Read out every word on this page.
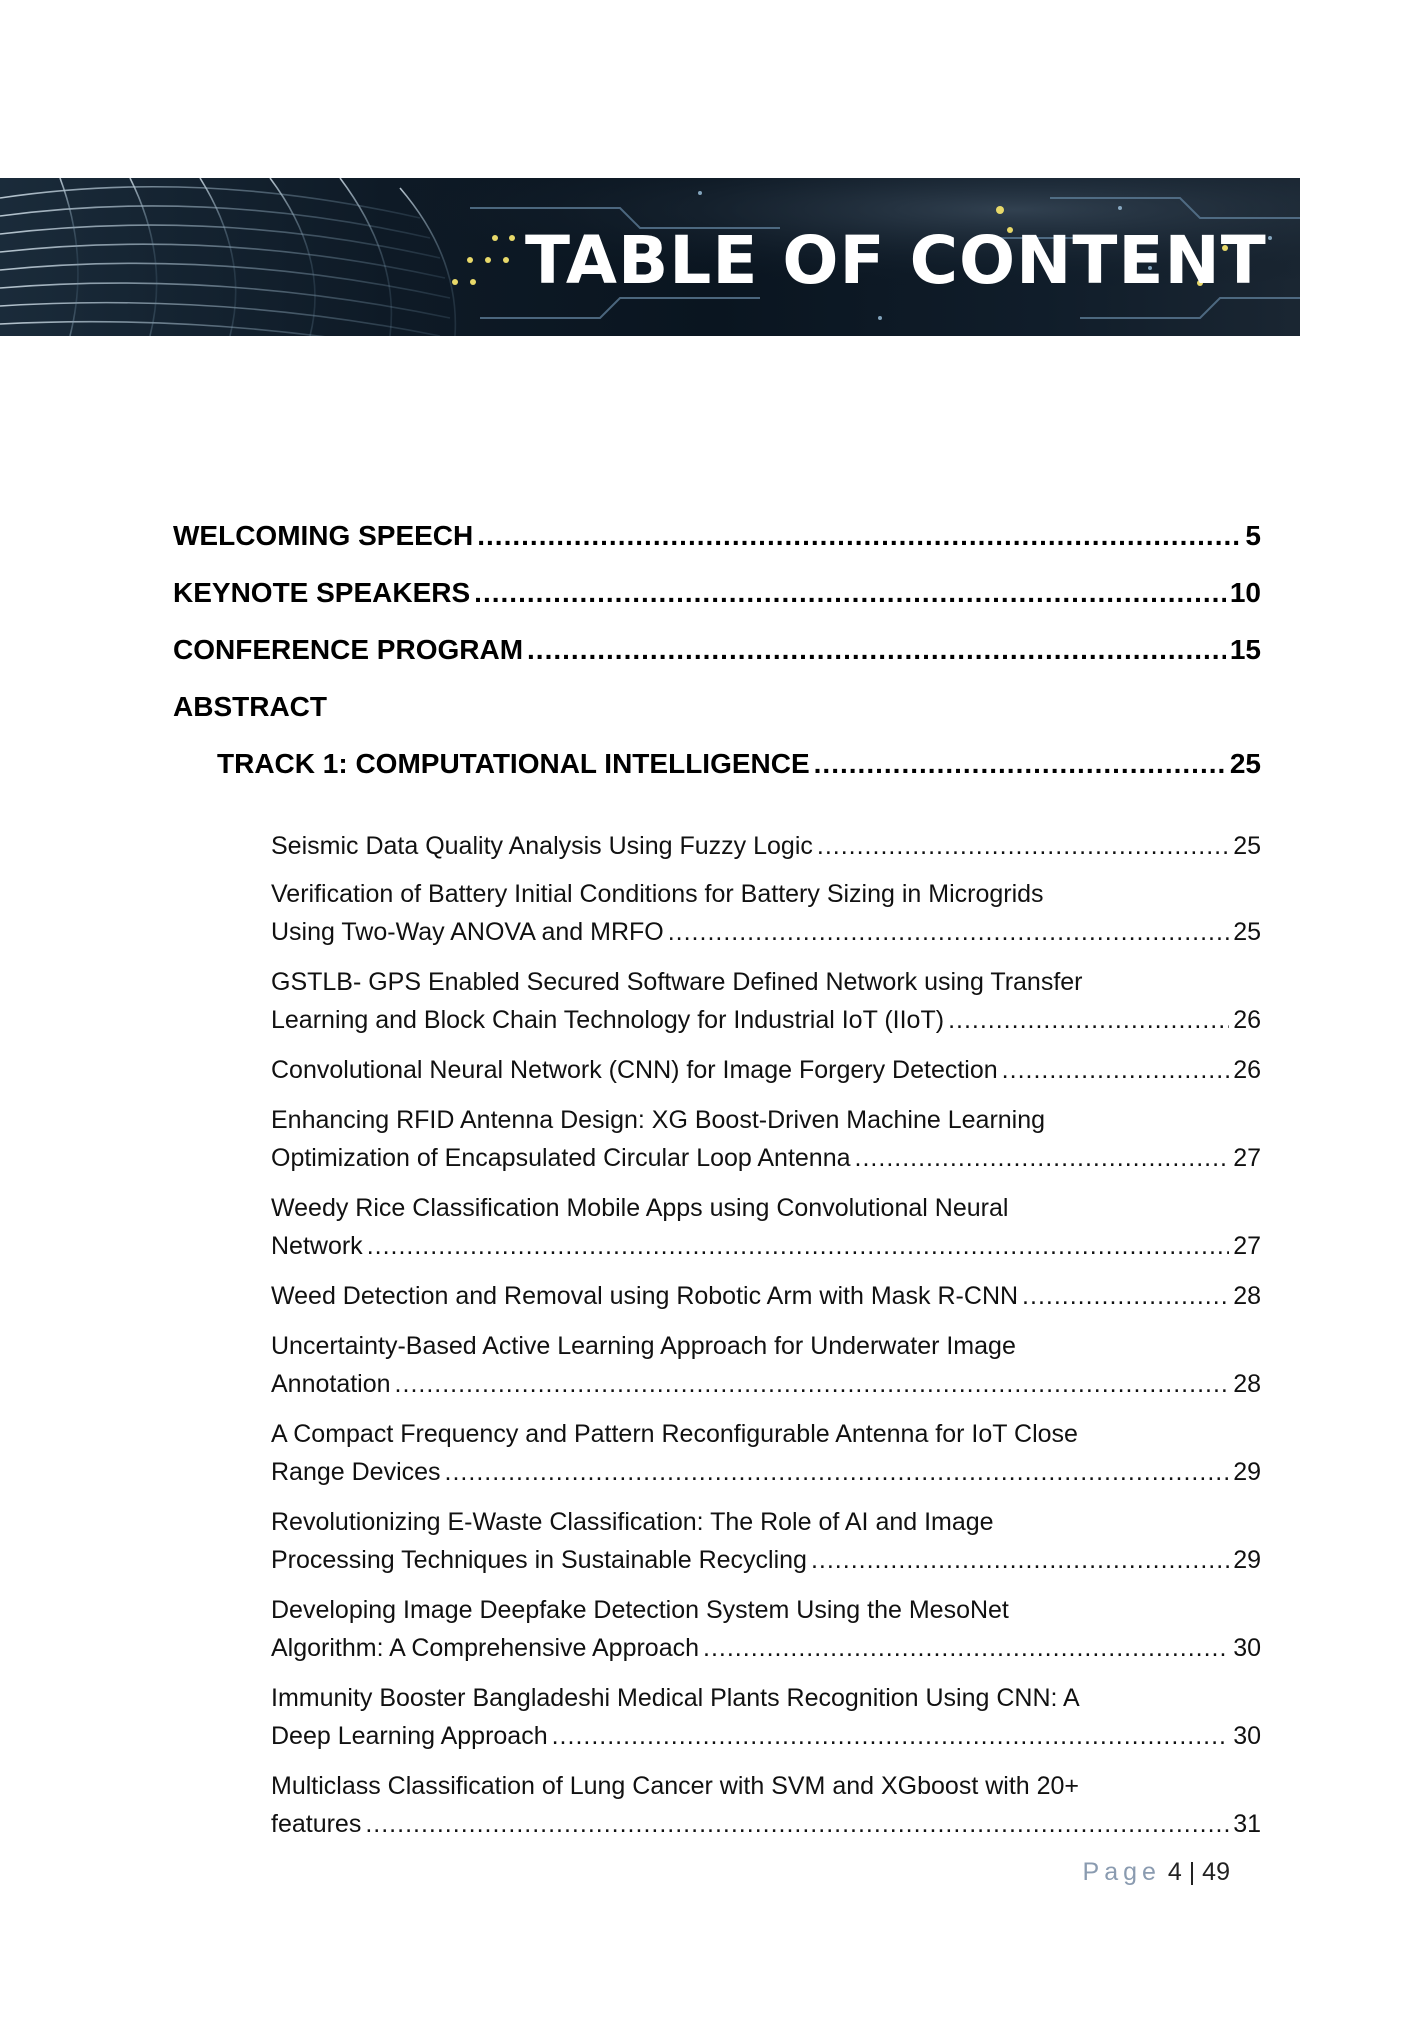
TABLE OF CONTENT
WELCOMING SPEECH .....	5
KEYNOTE SPEAKERS .....	10
CONFERENCE PROGRAM .....	15
ABSTRACT
TRACK 1: COMPUTATIONAL INTELLIGENCE .....	25
Seismic Data Quality Analysis Using Fuzzy Logic .....	25
Verification of Battery Initial Conditions for Battery Sizing in Microgrids
Using Two-Way ANOVA and MRFO .....	25
GSTLB- GPS Enabled Secured Software Defined Network using Transfer
Learning and Block Chain Technology for Industrial IoT (IIoT) .....	26
Convolutional Neural Network (CNN) for Image Forgery Detection .....	26
Enhancing RFID Antenna Design: XG Boost-Driven Machine Learning
Optimization of Encapsulated Circular Loop Antenna .....	27
Weedy Rice Classification Mobile Apps using Convolutional Neural
Network .....	27
Weed Detection and Removal using Robotic Arm with Mask R-CNN .....	28
Uncertainty-Based Active Learning Approach for Underwater Image
Annotation .....	28
A Compact Frequency and Pattern Reconfigurable Antenna for IoT Close
Range Devices .....	29
Revolutionizing E-Waste Classification: The Role of AI and Image
Processing Techniques in Sustainable Recycling .....	29
Developing Image Deepfake Detection System Using the MesoNet
Algorithm: A Comprehensive Approach .....	30
Immunity Booster Bangladeshi Medical Plants Recognition Using CNN: A
Deep Learning Approach .....	30
Multiclass Classification of Lung Cancer with SVM and XGboost with 20+
features .....	31
Page 4 | 49
